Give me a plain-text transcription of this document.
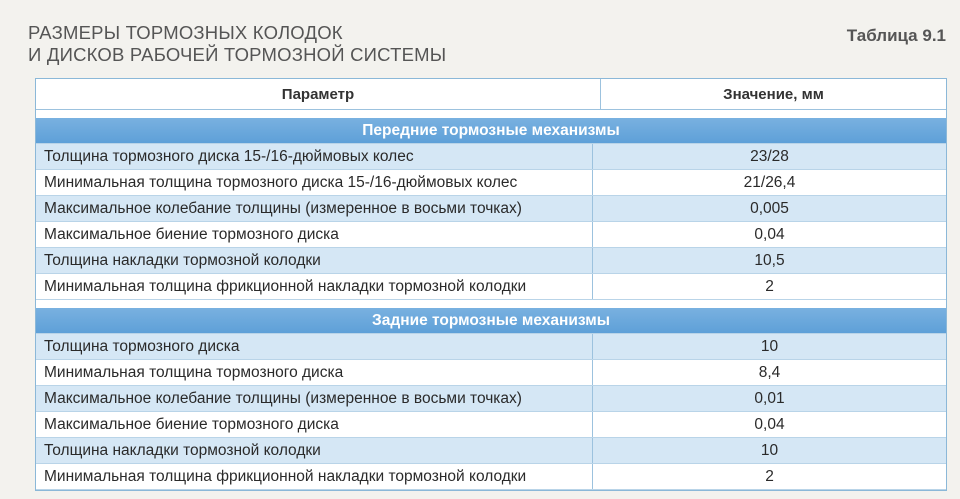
РАЗМЕРЫ ТОРМОЗНЫХ КОЛОДОК
И ДИСКОВ РАБОЧЕЙ ТОРМОЗНОЙ СИСТЕМЫ
Таблица 9.1
Параметр	Значение, мм
Передние тормозные механизмы
Толщина тормозного диска 15-/16-дюймовых колес	23/28
Минимальная толщина тормозного диска 15-/16-дюймовых колес	21/26,4
Максимальное колебание толщины (измеренное в восьми точках)	0,005
Максимальное биение тормозного диска	0,04
Толщина накладки тормозной колодки	10,5
Минимальная толщина фрикционной накладки тормозной колодки	2
Задние тормозные механизмы
Толщина тормозного диска	10
Минимальная толщина тормозного диска	8,4
Максимальное колебание толщины (измеренное в восьми точках)	0,01
Максимальное биение тормозного диска	0,04
Толщина накладки тормозной колодки	10
Минимальная толщина фрикционной накладки тормозной колодки	2
